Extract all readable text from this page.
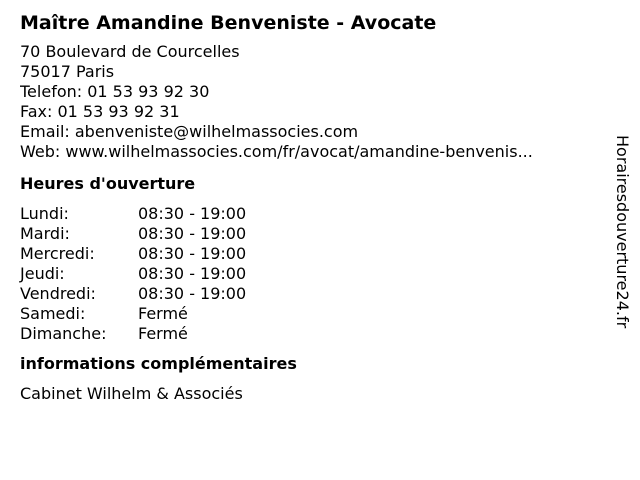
Maître Amandine Benveniste - Avocate
70 Boulevard de Courcelles
75017 Paris
Telefon: 01 53 93 92 30
Fax: 01 53 93 92 31
Email: abenveniste@wilhelmassocies.com
Web: www.wilhelmassocies.com/fr/avocat/amandine-benvenis...
Heures d'ouverture
Lundi:	08:30 - 19:00
Mardi:	08:30 - 19:00
Mercredi:	08:30 - 19:00
Jeudi:	08:30 - 19:00
Vendredi:	08:30 - 19:00
Samedi:	Fermé
Dimanche:	Fermé
informations complémentaires
Cabinet Wilhelm & Associés
Horairesdouverture24.fr
